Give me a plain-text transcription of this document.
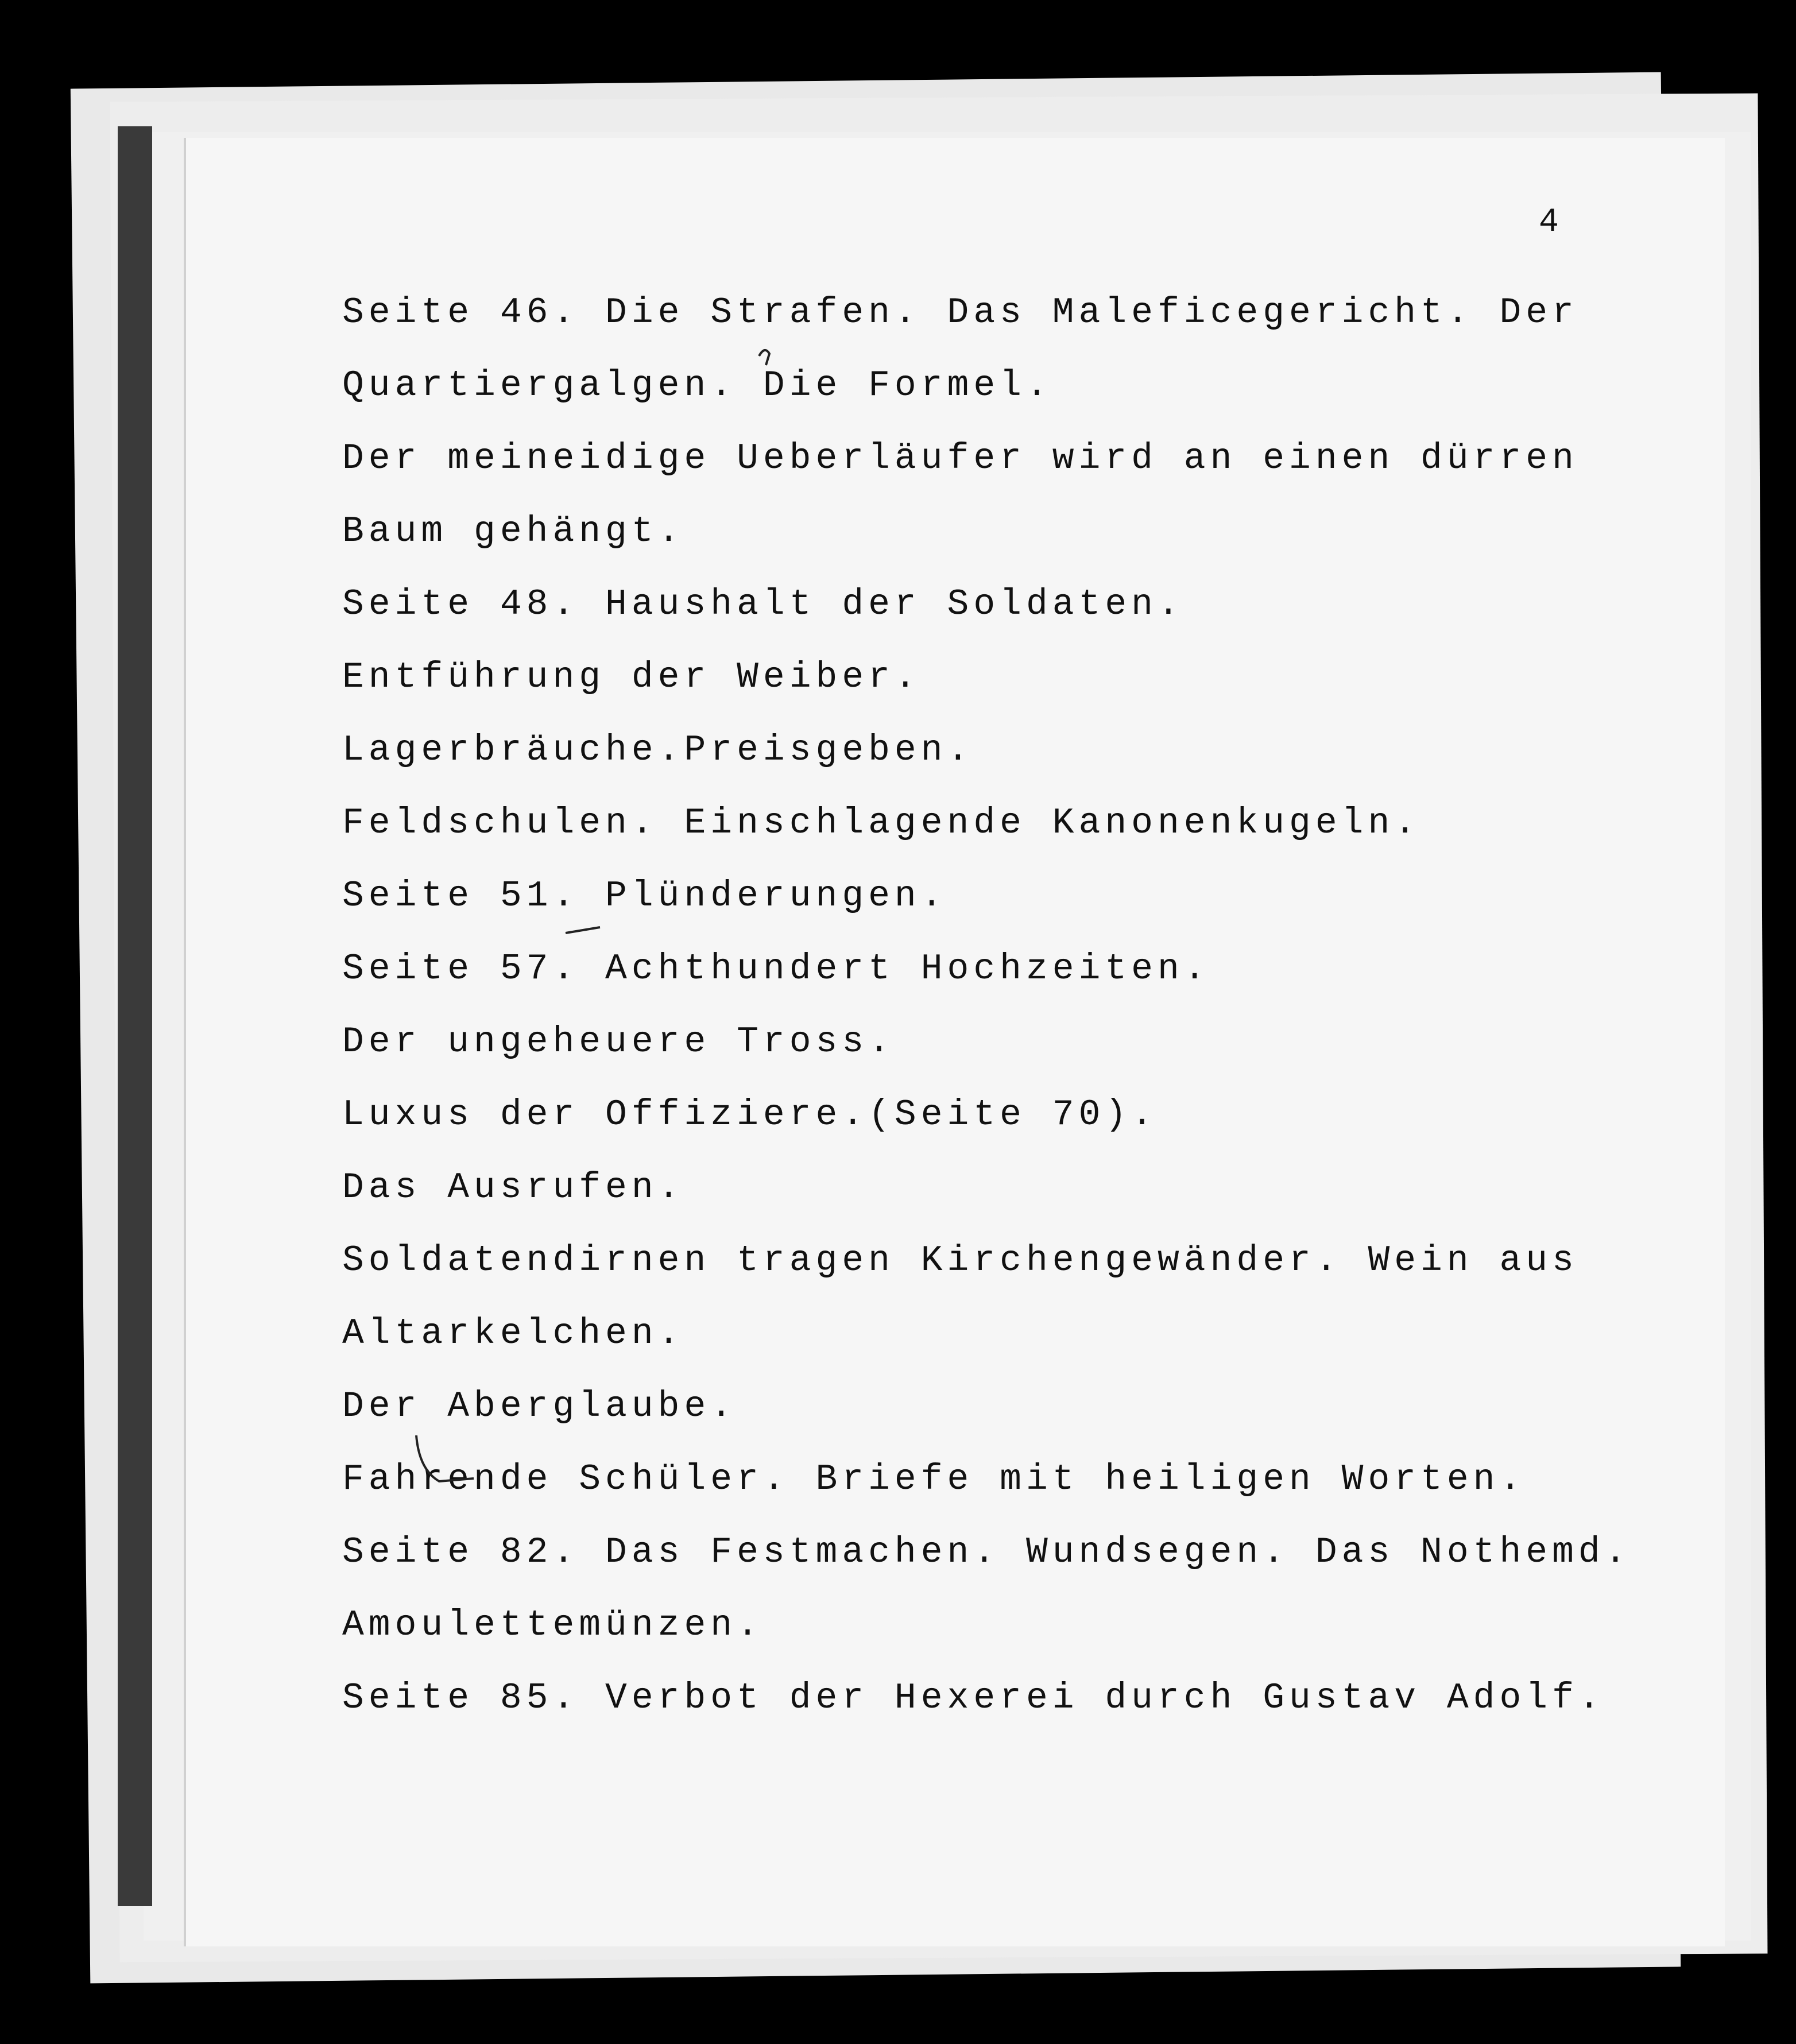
4
Seite 46. Die Strafen. Das Maleficegericht. Der
Quartiergalgen. Die Formel.
Der meineidige Ueberläufer wird an einen dürren
Baum gehängt.
Seite 48. Haushalt der Soldaten.
Entführung der Weiber.
Lagerbräuche.Preisgeben.
Feldschulen. Einschlagende Kanonenkugeln.
Seite 51. Plünderungen.
Seite 57. Achthundert Hochzeiten.
Der ungeheuere Tross.
Luxus der Offiziere.(Seite 70).
Das Ausrufen.
Soldatendirnen tragen Kirchengewänder. Wein aus
Altarkelchen.
Der Aberglaube.
Fahrende Schüler. Briefe mit heiligen Worten.
Seite 82. Das Festmachen. Wundsegen. Das Nothemd.
Amoulettemünzen.
Seite 85. Verbot der Hexerei durch Gustav Adolf.
